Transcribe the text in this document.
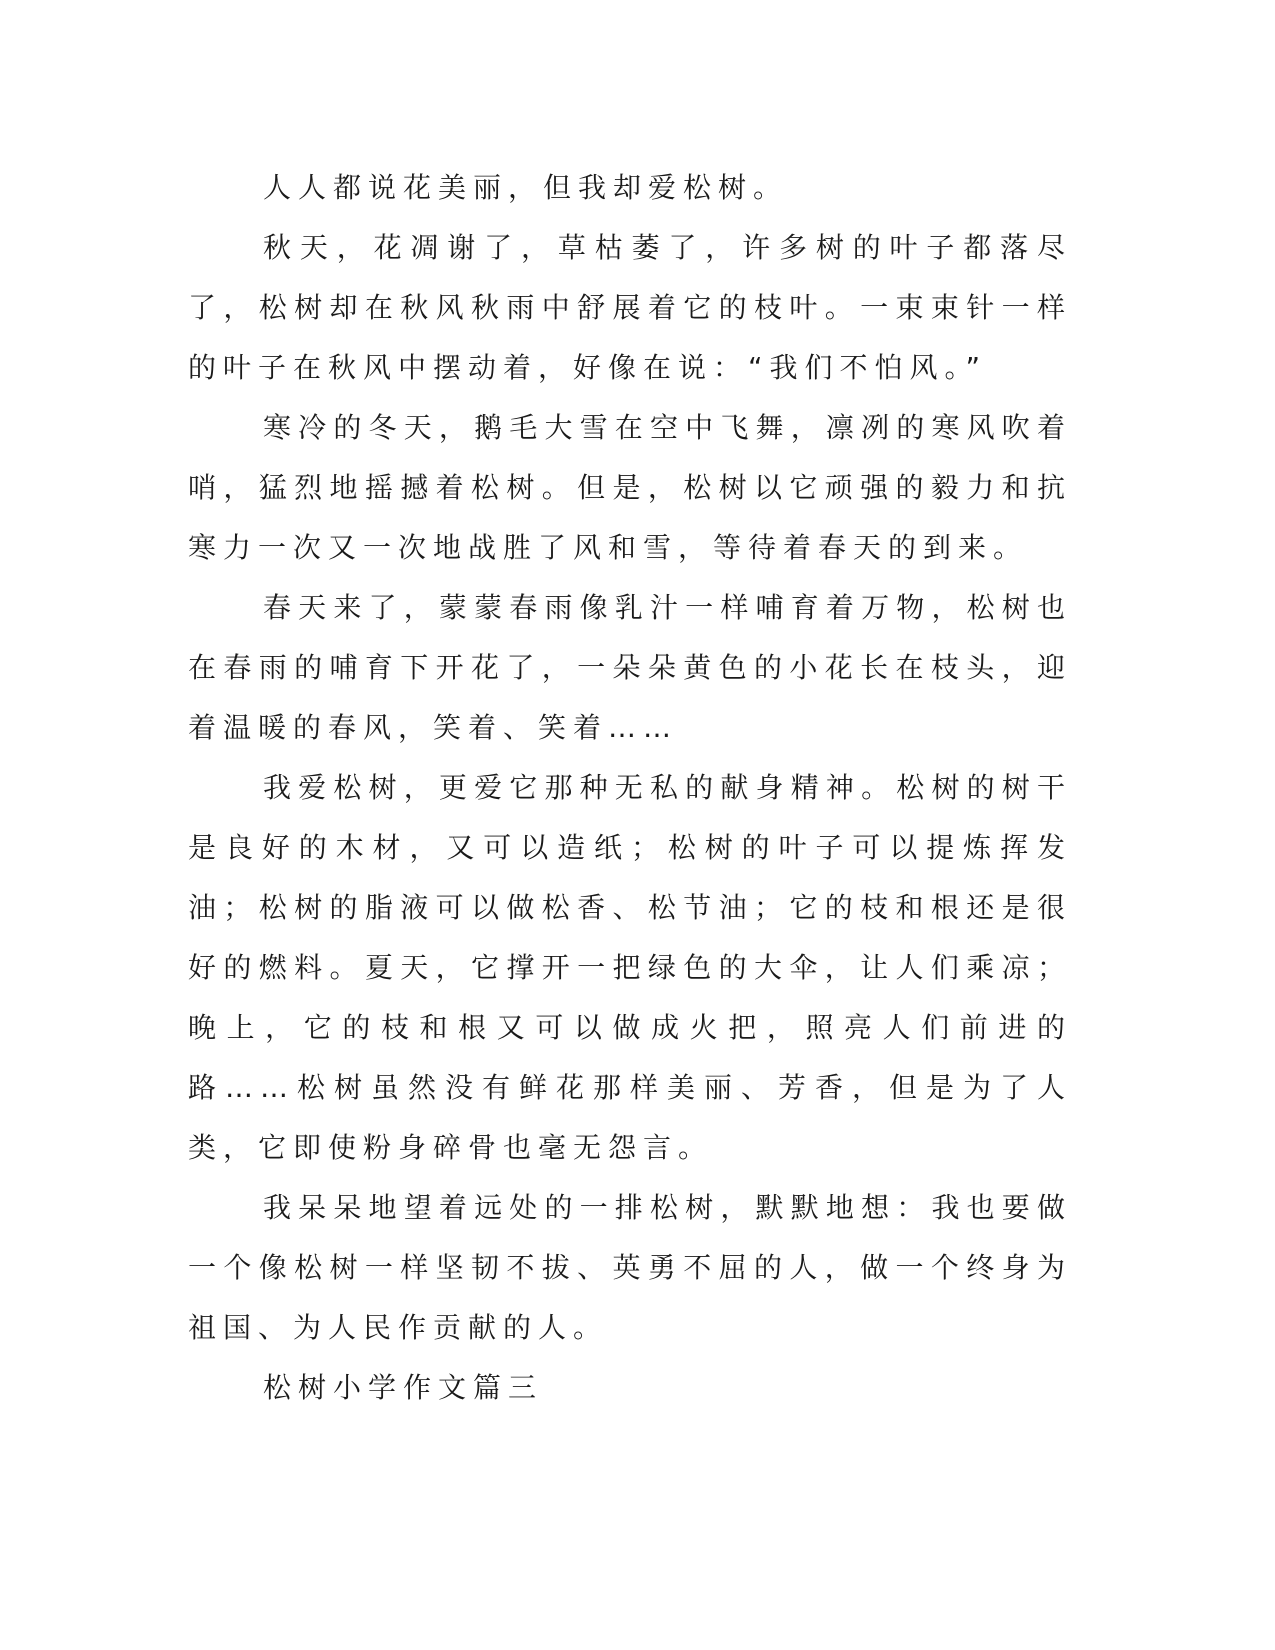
人人都说花美丽，但我却爱松树。

秋天，花凋谢了，草枯萎了，许多树的叶子都落尽了，松树却在秋风秋雨中舒展着它的枝叶。一束束针一样的叶子在秋风中摆动着，好像在说：“我们不怕风。”

寒冷的冬天，鹅毛大雪在空中飞舞，凛冽的寒风吹着哨，猛烈地摇撼着松树。但是，松树以它顽强的毅力和抗寒力一次又一次地战胜了风和雪，等待着春天的到来。

春天来了，蒙蒙春雨像乳汁一样哺育着万物，松树也在春雨的哺育下开花了，一朵朵黄色的小花长在枝头，迎着温暖的春风，笑着、笑着……

我爱松树，更爱它那种无私的献身精神。松树的树干是良好的木材，又可以造纸；松树的叶子可以提炼挥发油；松树的脂液可以做松香、松节油；它的枝和根还是很好的燃料。夏天，它撑开一把绿色的大伞，让人们乘凉；晚上，它的枝和根又可以做成火把，照亮人们前进的路……松树虽然没有鲜花那样美丽、芳香，但是为了人类，它即使粉身碎骨也毫无怨言。

我呆呆地望着远处的一排松树，默默地想：我也要做一个像松树一样坚韧不拔、英勇不屈的人，做一个终身为祖国、为人民作贡献的人。

松树小学作文篇三
